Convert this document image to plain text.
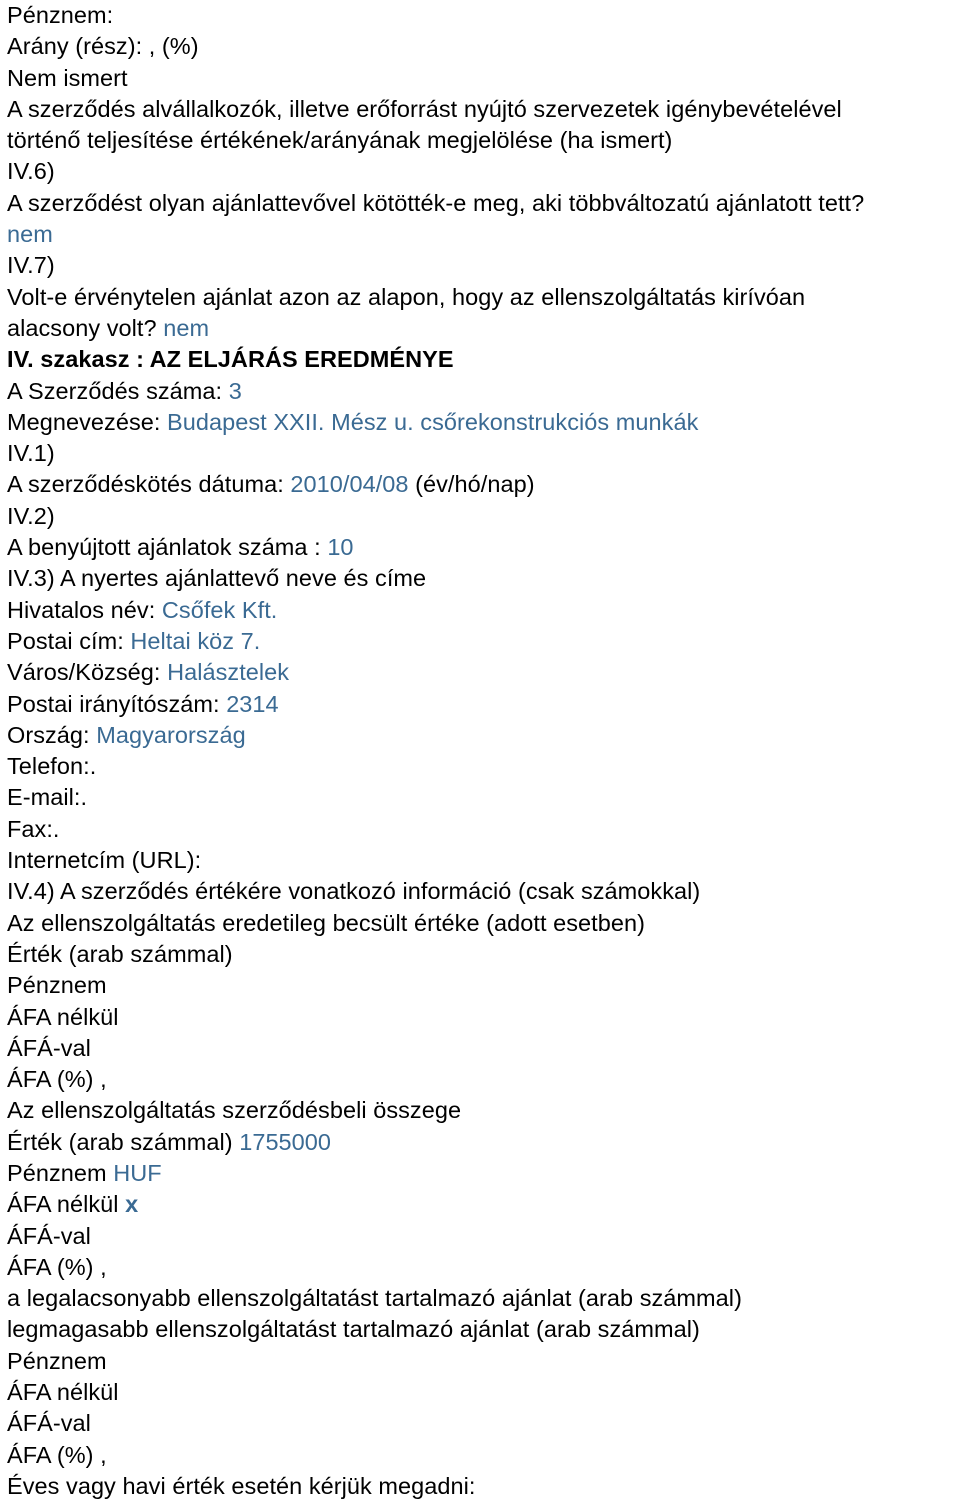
Pénznem:
Arány (rész): , (%)
Nem ismert
A szerződés alvállalkozók, illetve erőforrást nyújtó szervezetek igénybevételével
történő teljesítése értékének/arányának megjelölése (ha ismert)
IV.6)
A szerződést olyan ajánlattevővel kötötték-e meg, aki többváltozatú ajánlatott tett?
nem
IV.7)
Volt-e érvénytelen ajánlat azon az alapon, hogy az ellenszolgáltatás kirívóan
alacsony volt? nem
IV. szakasz : AZ ELJÁRÁS EREDMÉNYE
A Szerződés száma: 3
Megnevezése: Budapest XXII. Mész u. csőrekonstrukciós munkák
IV.1)
A szerződéskötés dátuma: 2010/04/08 (év/hó/nap)
IV.2)
A benyújtott ajánlatok száma : 10
IV.3) A nyertes ajánlattevő neve és címe
Hivatalos név: Csőfek Kft.
Postai cím: Heltai köz 7.
Város/Község: Halásztelek
Postai irányítószám: 2314
Ország: Magyarország
Telefon:.
E-mail:.
Fax:.
Internetcím (URL):
IV.4) A szerződés értékére vonatkozó információ (csak számokkal)
Az ellenszolgáltatás eredetileg becsült értéke (adott esetben)
Érték (arab számmal)
Pénznem
ÁFA nélkül
ÁFÁ-val
ÁFA (%) ,
Az ellenszolgáltatás szerződésbeli összege
Érték (arab számmal) 1755000
Pénznem HUF
ÁFA nélkül x
ÁFÁ-val
ÁFA (%) ,
a legalacsonyabb ellenszolgáltatást tartalmazó ajánlat (arab számmal)
legmagasabb ellenszolgáltatást tartalmazó ajánlat (arab számmal)
Pénznem
ÁFA nélkül
ÁFÁ-val
ÁFA (%) ,
Éves vagy havi érték esetén kérjük megadni:
